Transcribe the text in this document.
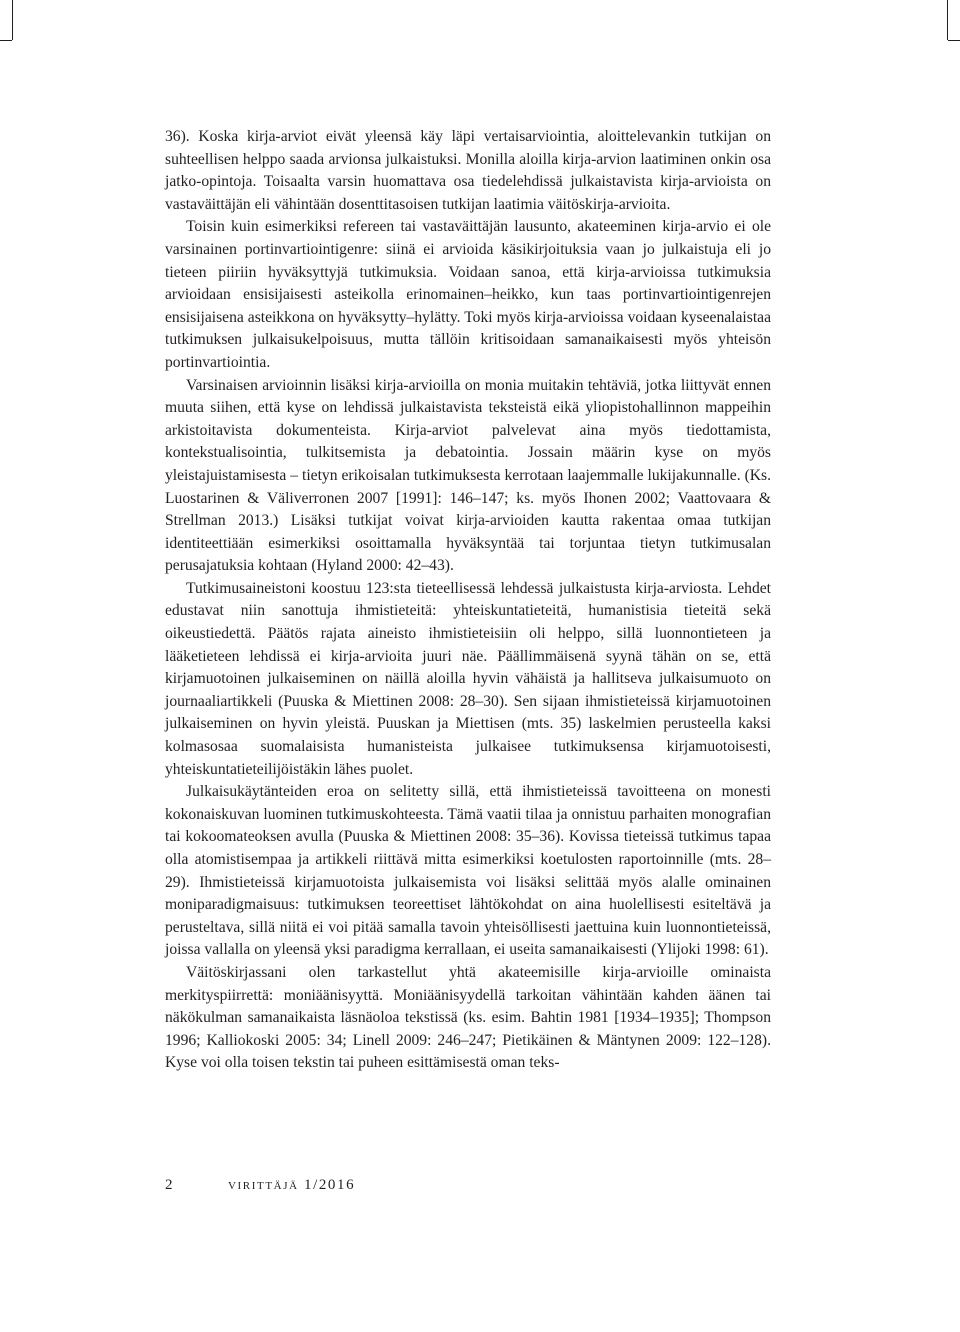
36). Koska kirja-arviot eivät yleensä käy läpi vertaisarviointia, aloittelevankin tutkijan on suhteellisen helppo saada arvionsa julkaistuksi. Monilla aloilla kirja-arvion laatiminen onkin osa jatko-opintoja. Toisaalta varsin huomattava osa tiedelehdissä julkaistavista kirja-arvioista on vastaväittäjän eli vähintään dosenttitasoisen tutkijan laatimia väitöskirja-arvioita.

Toisin kuin esimerkiksi refereen tai vastaväittäjän lausunto, akateeminen kirja-arvio ei ole varsinainen portinvartiointigenre: siinä ei arvioida käsikirjoituksia vaan jo julkaistuja eli jo tieteen piiriin hyväksyttyjä tutkimuksia. Voidaan sanoa, että kirja-arvioissa tutkimuksia arvioidaan ensisijaisesti asteikolla erinomainen–heikko, kun taas portinvartiointigenrejen ensisijaisena asteikkona on hyväksytty–hylätty. Toki myös kirja-arvioissa voidaan kyseenalaistaa tutkimuksen julkaisukelpoisuus, mutta tällöin kritisoidaan samanaikaisesti myös yhteisön portinvartiointia.

Varsinaisen arvioinnin lisäksi kirja-arvioilla on monia muitakin tehtäviä, jotka liittyvät ennen muuta siihen, että kyse on lehdissä julkaistavista teksteistä eikä yliopistohallinnon mappeihin arkistoitavista dokumenteista. Kirja-arviot palvelevat aina myös tiedottamista, kontekstualisointia, tulkitsemista ja debatointia. Jossain määrin kyse on myös yleistajuistamisesta – tietyn erikoisalan tutkimuksesta kerrotaan laajemmalle lukijakunnalle. (Ks. Luostarinen & Väliverronen 2007 [1991]: 146–147; ks. myös Ihonen 2002; Vaattovaara & Strellman 2013.) Lisäksi tutkijat voivat kirja-arvioiden kautta rakentaa omaa tutkijan identiteettiään esimerkiksi osoittamalla hyväksyntää tai torjuntaa tietyn tutkimusalan perusajatuksia kohtaan (Hyland 2000: 42–43).

Tutkimusaineistoni koostuu 123:sta tieteellisessä lehdessä julkaistusta kirja-arviosta. Lehdet edustavat niin sanottuja ihmistieteitä: yhteiskuntatieteitä, humanistisia tieteitä sekä oikeustiedettä. Päätös rajata aineisto ihmistieteisiin oli helppo, sillä luonnontieteen ja lääketieteen lehdissä ei kirja-arvioita juuri näe. Päällimmäisenä syynä tähän on se, että kirjamuotoinen julkaiseminen on näillä aloilla hyvin vähäistä ja hallitseva julkaisumuoto on journaaliartikkeli (Puuska & Miettinen 2008: 28–30). Sen sijaan ihmistieteissä kirjamuotoinen julkaiseminen on hyvin yleistä. Puuskan ja Miettisen (mts. 35) laskelmien perusteella kaksi kolmasosaa suomalaisista humanisteista julkaisee tutkimuksensa kirjamuotoisesti, yhteiskuntatieteilijöistäkin lähes puolet.

Julkaisukäytänteiden eroa on selitetty sillä, että ihmistieteissä tavoitteena on monesti kokonaiskuvan luominen tutkimuskohteesta. Tämä vaatii tilaa ja onnistuu parhaiten monografian tai kokoomateoksen avulla (Puuska & Miettinen 2008: 35–36). Kovissa tieteissä tutkimus tapaa olla atomistisempaa ja artikkeli riittävä mitta esimerkiksi koetulosten raportoinnille (mts. 28–29). Ihmistieteissä kirjamuotoista julkaisemista voi lisäksi selittää myös alalle ominainen moniparadigmaisuus: tutkimuksen teoreettiset lähtökohdat on aina huolellisesti esiteltävä ja perusteltava, sillä niitä ei voi pitää samalla tavoin yhteisöllisesti jaettuina kuin luonnontieteissä, joissa vallalla on yleensä yksi paradigma kerrallaan, ei useita samanaikaisesti (Ylijoki 1998: 61).

Väitöskirjassani olen tarkastellut yhtä akateemisille kirja-arvioille ominaista merkityspiirrettä: moniäänisyyttä. Moniäänisyydellä tarkoitan vähintään kahden äänen tai näkökulman samanaikaista läsnäoloa tekstissä (ks. esim. Bahtin 1981 [1934–1935]; Thompson 1996; Kalliokoski 2005: 34; Linell 2009: 246–247; Pietikäinen & Mäntynen 2009: 122–128). Kyse voi olla toisen tekstin tai puheen esittämisestä oman teks-

2	virittäjä 1/2016
